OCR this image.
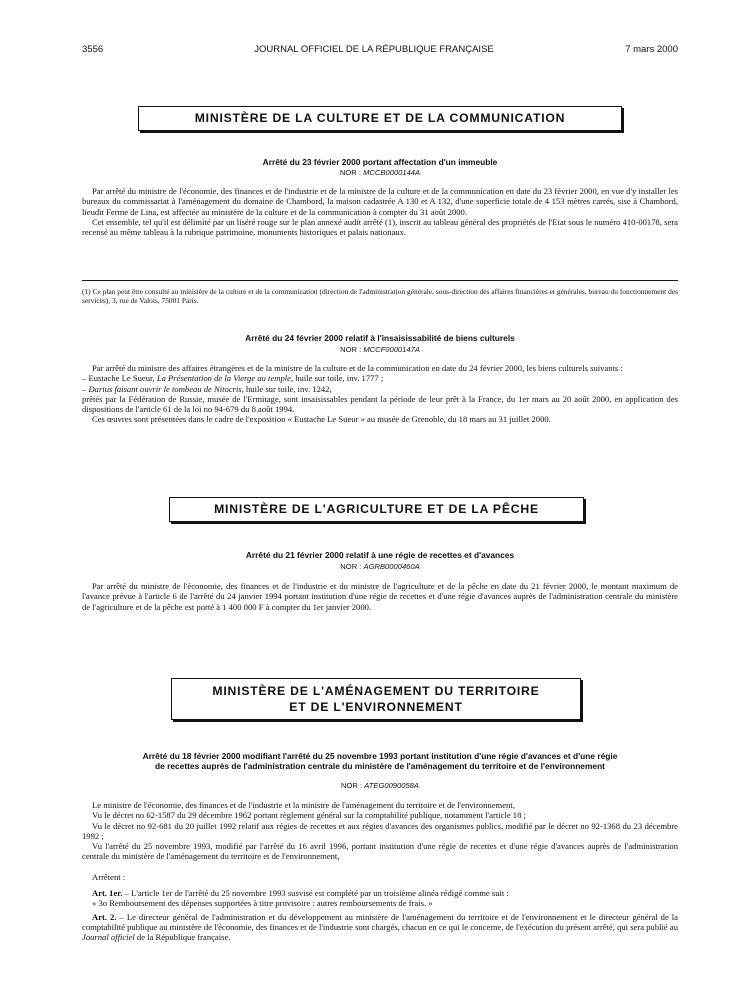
3556	JOURNAL OFFICIEL DE LA RÉPUBLIQUE FRANÇAISE	7 mars 2000
MINISTÈRE DE LA CULTURE ET DE LA COMMUNICATION
Arrêté du 23 février 2000 portant affectation d'un immeuble
NOR : MCCB0000144A

Par arrêté du ministre de l'économie, des finances et de l'industrie et de la ministre de la culture et de la communication en date du 23 février 2000, en vue d'y installer les bureaux du commissariat à l'aménagement du domaine de Chambord, la maison cadastrée A 130 et A 132, d'une superficie totale de 4 153 mètres carrés, sise à Chambord, lieudit Ferme de Lina, est affectée au ministère de la culture et de la communication à compter du 31 août 2000.

Cet ensemble, tel qu'il est délimité par un liséré rouge sur le plan annexé audit arrêté (1), inscrit au tableau général des propriétés de l'Etat sous le numéro 410-00178, sera recensé au même tableau à la rubrique patrimoine, monuments historiques et palais nationaux.

(1) Ce plan peut être consulté au ministère de la culture et de la communication (direction de l'administration générale, sous-direction des affaires financières et générales, bureau du fonctionnement des services), 3, rue de Valois, 75001 Paris.
Arrêté du 24 février 2000 relatif à l'insaisissabilité de biens culturels
NOR : MCCF0000147A

Par arrêté du ministre des affaires étrangères et de la ministre de la culture et de la communication en date du 24 février 2000, les biens culturels suivants :

– Eustache Le Sueur, La Présentation de la Vierge au temple, huile sur toile, inv. 1777 ;

– Darius faisant ouvrir le tombeau de Nitocris, huile sur toile, inv. 1242,

prêtés par la Fédération de Russie, musée de l'Ermitage, sont insaisissables pendant la période de leur prêt à la France, du 1er mars au 20 août 2000, en application des dispositions de l'article 61 de la loi no 94-679 du 8 août 1994.

Ces œuvres sont présentées dans le cadre de l'exposition « Eustache Le Sueur » au musée de Grenoble, du 18 mars au 31 juillet 2000.

MINISTÈRE DE L'AGRICULTURE ET DE LA PÊCHE
Arrêté du 21 février 2000 relatif à une régie de recettes et d'avances
NOR : AGRB0000460A

Par arrêté du ministre de l'économie, des finances et de l'industrie et du ministre de l'agriculture et de la pêche en date du 21 février 2000, le montant maximum de l'avance prévue à l'article 6 de l'arrêté du 24 janvier 1994 portant institution d'une régie de recettes et d'une régie d'avances auprès de l'administration centrale du ministère de l'agriculture et de la pêche est porté à 1 400 000 F à compter du 1er janvier 2000.

MINISTÈRE DE L'AMÉNAGEMENT DU TERRITOIRE
ET DE L'ENVIRONNEMENT
Arrêté du 18 février 2000 modifiant l'arrêté du 25 novembre 1993 portant institution d'une régie d'avances et d'une régie
de recettes auprès de l'administration centrale du ministère de l'aménagement du territoire et de l'environnement
NOR : ATEG0090058A

Le ministre de l'économie, des finances et de l'industrie et la ministre de l'aménagement du territoire et de l'environnement,

Vu le décret no 62-1587 du 29 décembre 1962 portant règlement général sur la comptabilité publique, notamment l'article 18 ;

Vu le décret no 92-681 du 20 juillet 1992 relatif aux régies de recettes et aux régies d'avances des organismes publics, modifié par le décret no 92-1368 du 23 décembre 1992 ;

Vu l'arrêté du 25 novembre 1993, modifié par l'arrêté du 16 avril 1996, portant institution d'une régie de recettes et d'une régie d'avances auprès de l'administration centrale du ministère de l'aménagement du territoire et de l'environnement,

Arrêtent :

Art. 1er. – L'article 1er de l'arrêté du 25 novembre 1993 susvisé est complété par un troisième alinéa rédigé comme suit :

« 3o Remboursement des dépenses supportées à titre provisoire : autres remboursements de frais. »

Art. 2. – Le directeur général de l'administration et du développement au ministère de l'aménagement du territoire et de l'environnement et le directeur général de la comptabilité publique au ministère de l'économie, des finances et de l'industrie sont chargés, chacun en ce qui le concerne, de l'exécution du présent arrêté, qui sera publié au Journal officiel de la République française.
